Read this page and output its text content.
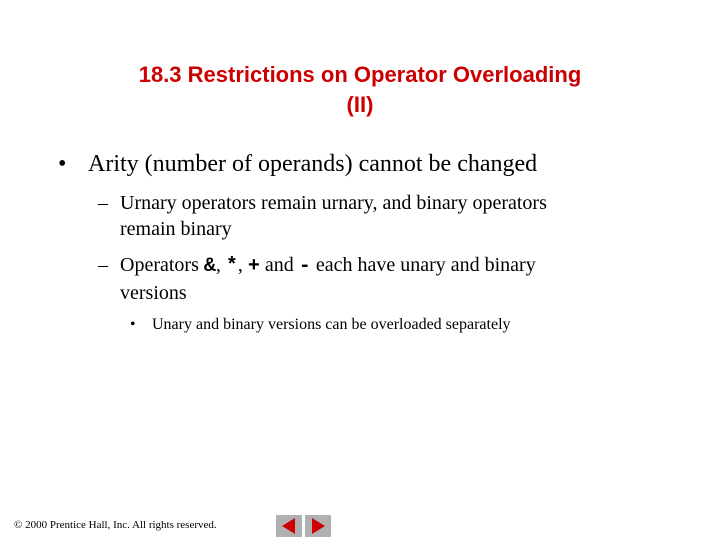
18.3 Restrictions on Operator Overloading
(II)
• Arity (number of operands) cannot be changed
– Urnary operators remain urnary, and binary operators
remain binary
– Operators &, *, + and - each have unary and binary
versions
• Unary and binary versions can be overloaded separately
© 2000 Prentice Hall, Inc. All rights reserved.
